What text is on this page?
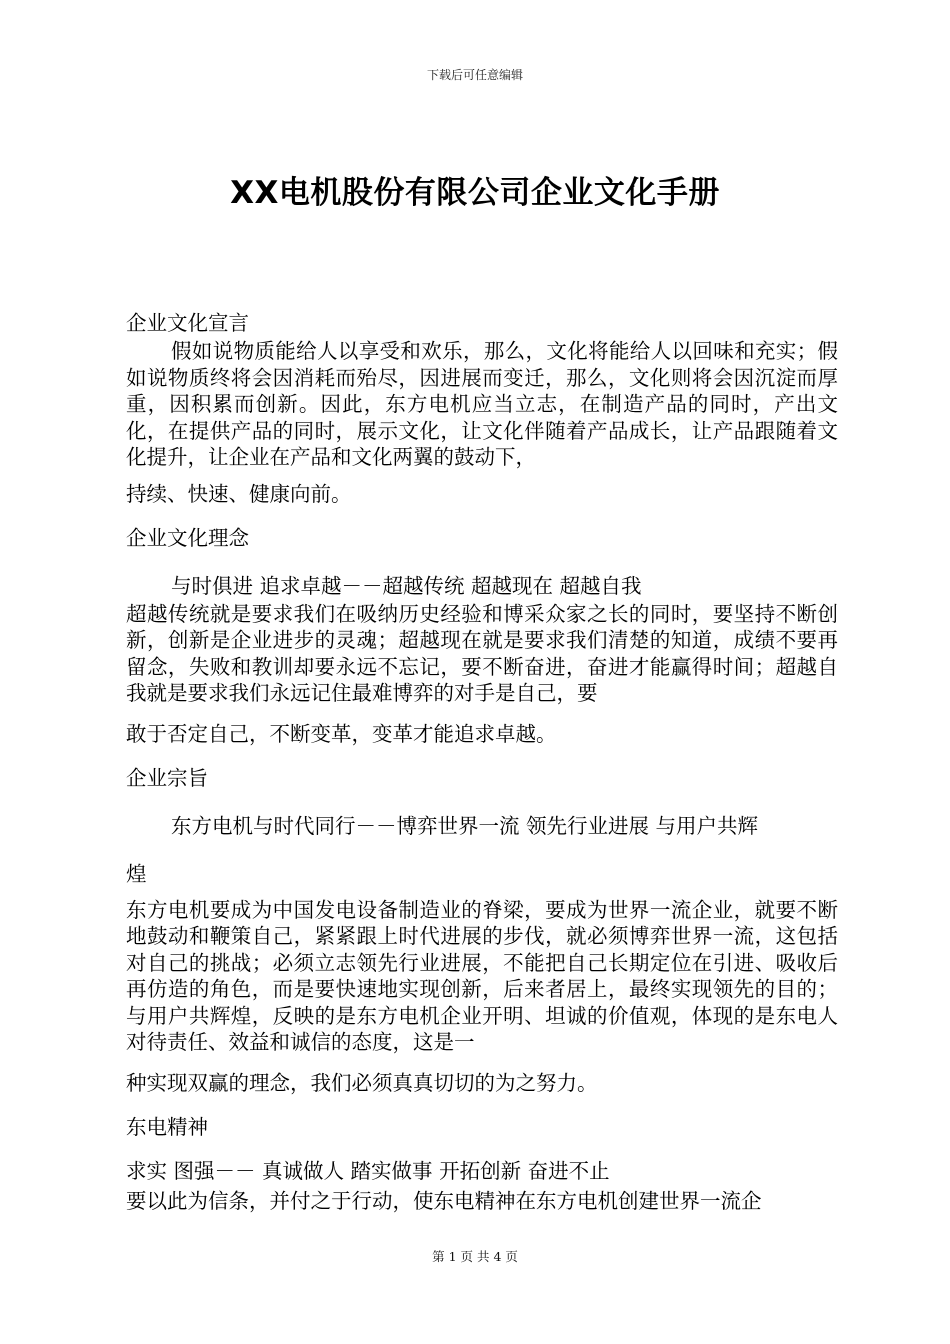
下载后可任意编辑
XX电机股份有限公司企业文化手册

企业文化宣言

假如说物质能给人以享受和欢乐，那么，文化将能给人以回味和充实；假如说物质终将会因消耗而殆尽，因进展而变迁，那么，文化则将会因沉淀而厚重，因积累而创新。因此，东方电机应当立志，在制造产品的同时，产出文化，在提供产品的同时，展示文化，让文化伴随着产品成长，让产品跟随着文化提升，让企业在产品和文化两翼的鼓动下，

持续、快速、健康向前。

企业文化理念

与时俱进 追求卓越－－超越传统 超越现在 超越自我

超越传统就是要求我们在吸纳历史经验和博采众家之长的同时，要坚持不断创新，创新是企业进步的灵魂；超越现在就是要求我们清楚的知道，成绩不要再留念，失败和教训却要永远不忘记，要不断奋进，奋进才能赢得时间；超越自我就是要求我们永远记住最难博弈的对手是自己，要

敢于否定自己，不断变革，变革才能追求卓越。

企业宗旨

东方电机与时代同行－－博弈世界一流 领先行业进展 与用户共辉

煌

东方电机要成为中国发电设备制造业的脊梁，要成为世界一流企业，就要不断地鼓动和鞭策自己，紧紧跟上时代进展的步伐，就必须博弈世界一流，这包括对自己的挑战；必须立志领先行业进展，不能把自己长期定位在引进、吸收后再仿造的角色，而是要快速地实现创新，后来者居上，最终实现领先的目的；与用户共辉煌，反映的是东方电机企业开明、坦诚的价值观，体现的是东电人对待责任、效益和诚信的态度，这是一

种实现双赢的理念，我们必须真真切切的为之努力。

东电精神

求实 图强－－ 真诚做人 踏实做事 开拓创新 奋进不止

要以此为信条，并付之于行动，使东电精神在东方电机创建世界一流企

第 1 页 共 4 页
